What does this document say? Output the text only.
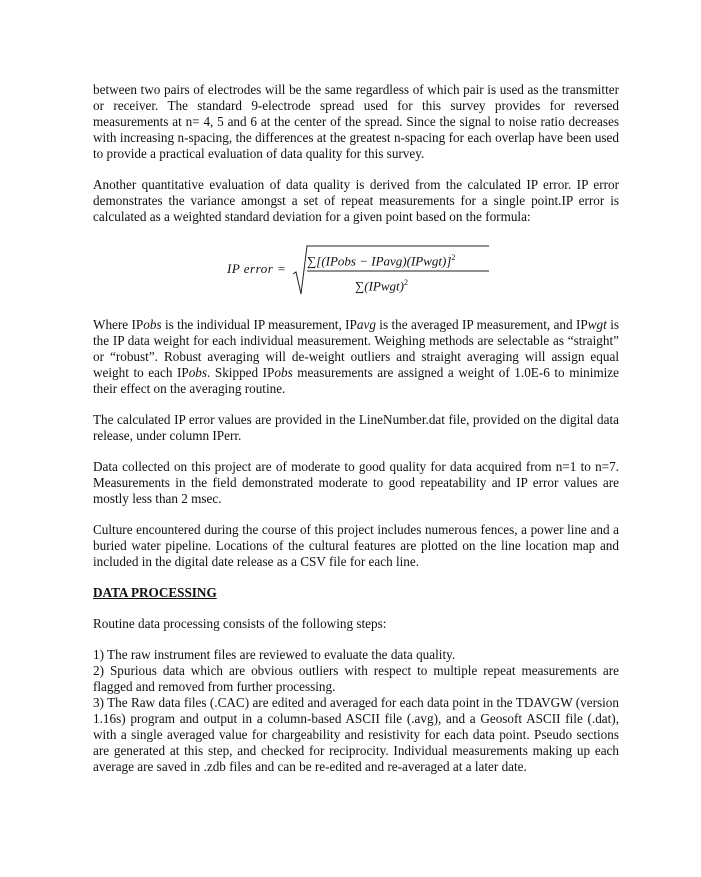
between two pairs of electrodes will be the same regardless of which pair is used as the transmitter or receiver. The standard 9-electrode spread used for this survey provides for reversed measurements at n= 4, 5 and 6 at the center of the spread. Since the signal to noise ratio decreases with increasing n-spacing, the differences at the greatest n-spacing for each overlap have been used to provide a practical evaluation of data quality for this survey.

Another quantitative evaluation of data quality is derived from the calculated IP error. IP error demonstrates the variance amongst a set of repeat measurements for a single point.IP error is calculated as a weighted standard deviation for a given point based on the formula:

IP error =
∑[(IPobs − IPavg)(IPwgt)]$^2$
∑(IPwgt)$^2$

Where IPobs is the individual IP measurement, IPavg is the averaged IP measurement, and IPwgt is the IP data weight for each individual measurement. Weighing methods are selectable as “straight” or “robust”. Robust averaging will de-weight outliers and straight averaging will assign equal weight to each IPobs. Skipped IPobs measurements are assigned a weight of 1.0E-6 to minimize their effect on the averaging routine.

The calculated IP error values are provided in the LineNumber.dat file, provided on the digital data release, under column IPerr.

Data collected on this project are of moderate to good quality for data acquired from n=1 to n=7. Measurements in the field demonstrated moderate to good repeatability and IP error values are mostly less than 2 msec.

Culture encountered during the course of this project includes numerous fences, a power line and a buried water pipeline. Locations of the cultural features are plotted on the line location map and included in the digital date release as a CSV file for each line.

DATA PROCESSING

Routine data processing consists of the following steps:

1) The raw instrument files are reviewed to evaluate the data quality.

2) Spurious data which are obvious outliers with respect to multiple repeat measurements are flagged and removed from further processing.

3) The Raw data files (.CAC) are edited and averaged for each data point in the TDAVGW (version 1.16s) program and output in a column-based ASCII file (.avg), and a Geosoft ASCII file (.dat), with a single averaged value for chargeability and resistivity for each data point. Pseudo sections are generated at this step, and checked for reciprocity. Individual measurements making up each average are saved in .zdb files and can be re-edited and re-averaged at a later date.
